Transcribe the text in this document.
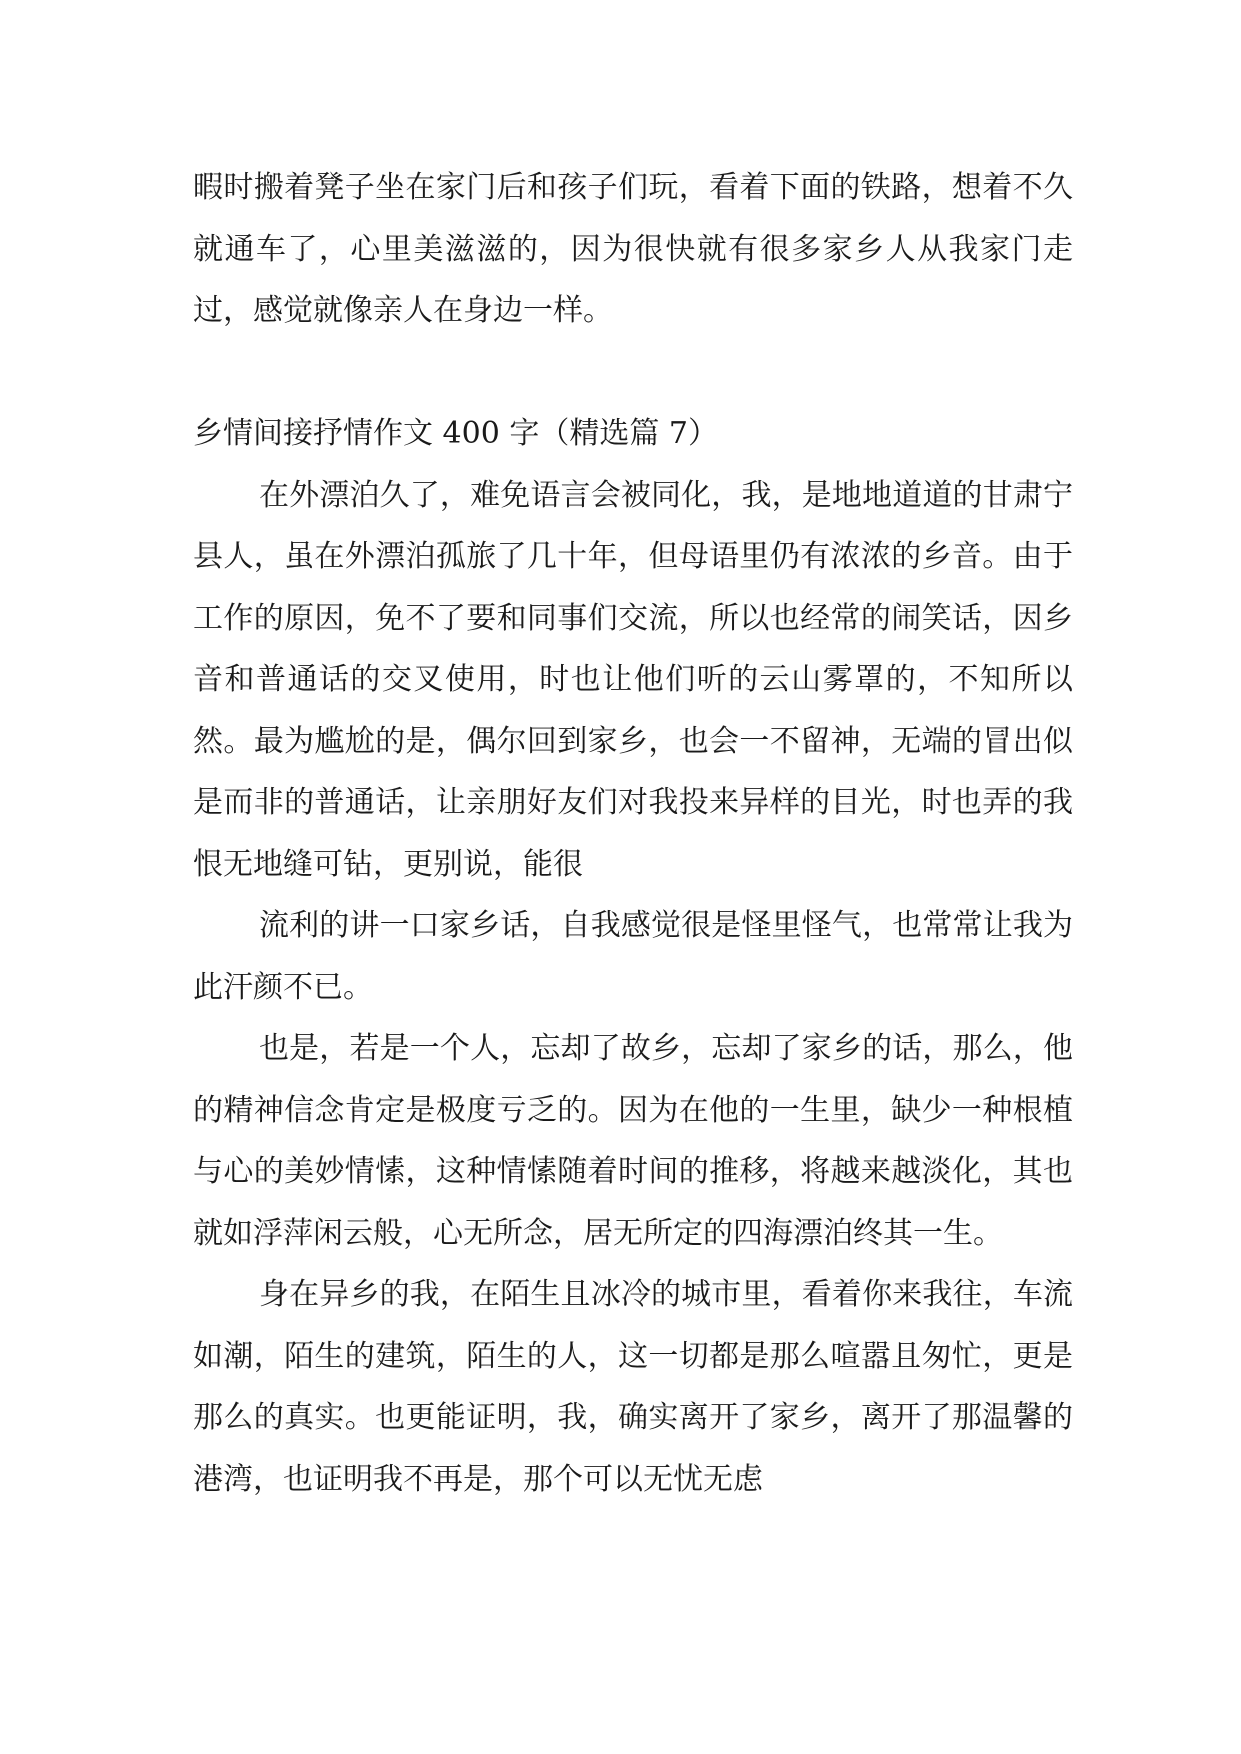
暇时搬着凳子坐在家门后和孩子们玩，看着下面的铁路，想着不久就通车了，心里美滋滋的，因为很快就有很多家乡人从我家门走过，感觉就像亲人在身边一样。

乡情间接抒情作文 400 字（精选篇 7）

在外漂泊久了，难免语言会被同化，我，是地地道道的甘肃宁县人，虽在外漂泊孤旅了几十年，但母语里仍有浓浓的乡音。由于工作的原因，免不了要和同事们交流，所以也经常的闹笑话，因乡音和普通话的交叉使用，时也让他们听的云山雾罩的，不知所以然。最为尴尬的是，偶尔回到家乡，也会一不留神，无端的冒出似是而非的普通话，让亲朋好友们对我投来异样的目光，时也弄的我恨无地缝可钻，更别说，能很

流利的讲一口家乡话，自我感觉很是怪里怪气，也常常让我为此汗颜不已。

也是，若是一个人，忘却了故乡，忘却了家乡的话，那么，他的精神信念肯定是极度亏乏的。因为在他的一生里，缺少一种根植与心的美妙情愫，这种情愫随着时间的推移，将越来越淡化，其也就如浮萍闲云般，心无所念，居无所定的四海漂泊终其一生。

身在异乡的我，在陌生且冰冷的城市里，看着你来我往，车流如潮，陌生的建筑，陌生的人，这一切都是那么喧嚣且匆忙，更是那么的真实。也更能证明，我，确实离开了家乡，离开了那温馨的港湾，也证明我不再是，那个可以无忧无虑
